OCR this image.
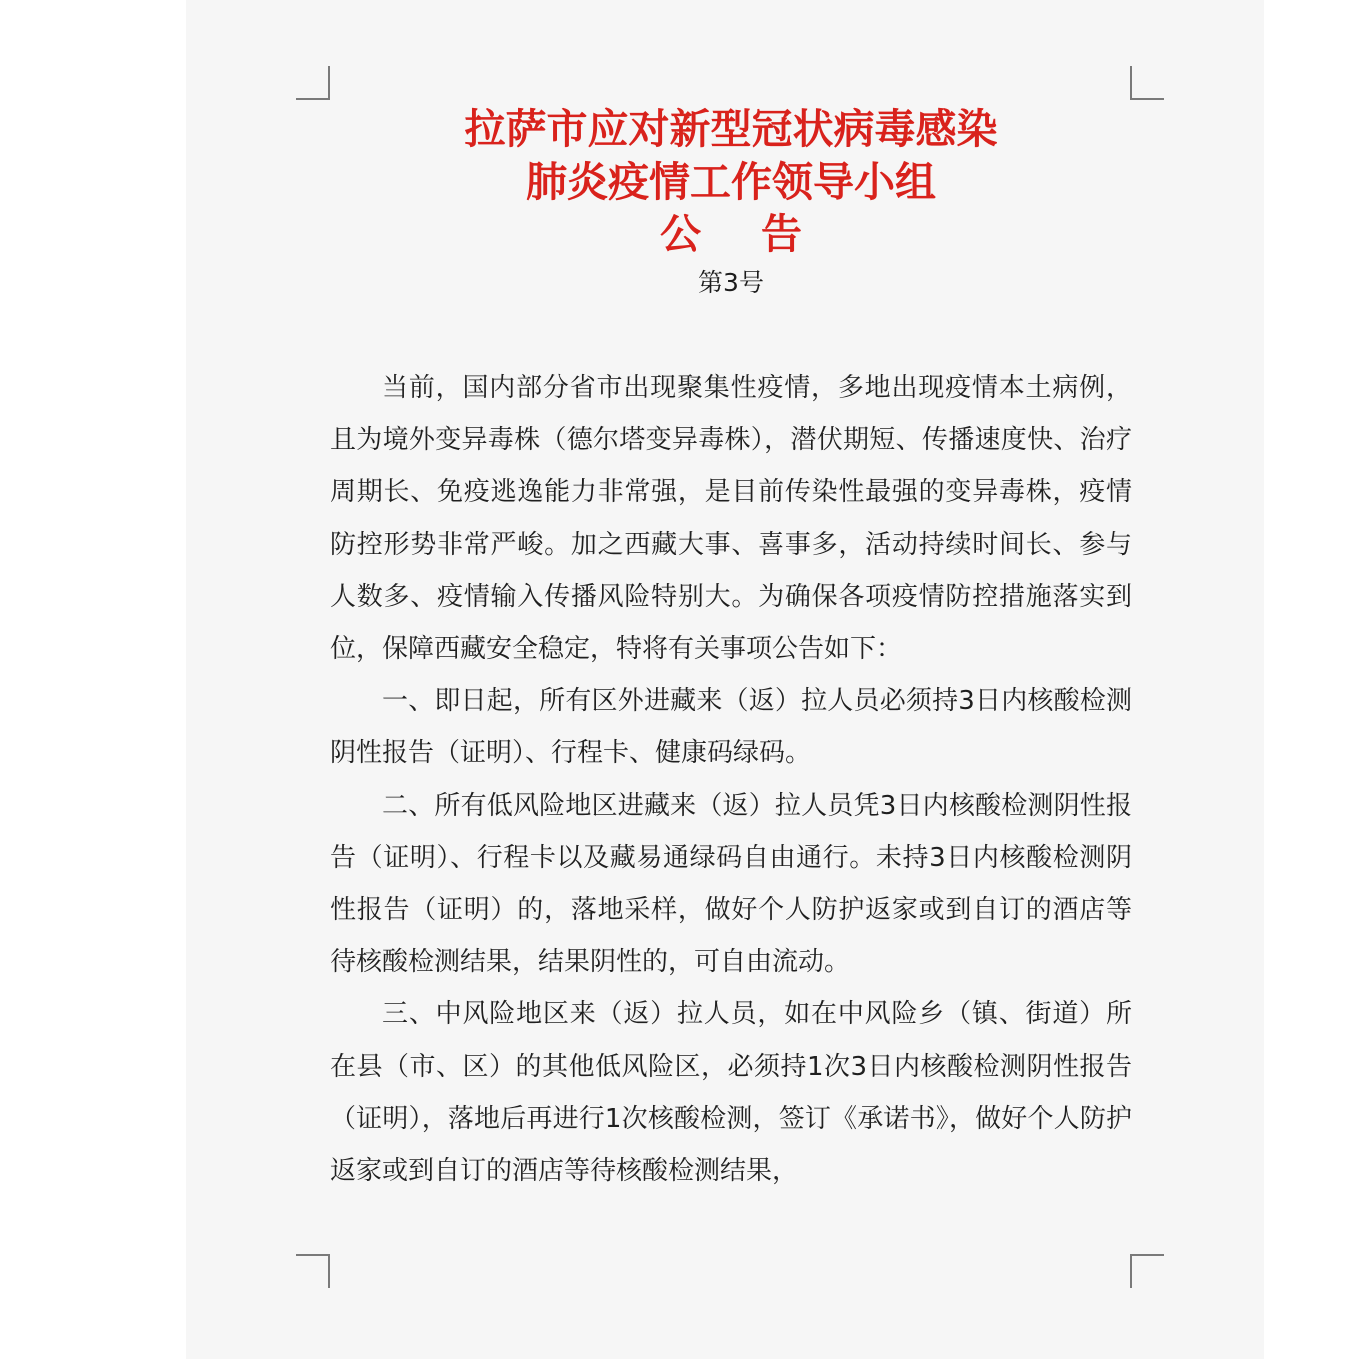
拉萨市应对新型冠状病毒感染
肺炎疫情工作领导小组
公告
第3号

当前，国内部分省市出现聚集性疫情，多地出现疫情本土病例，且为境外变异毒株（德尔塔变异毒株），潜伏期短、传播速度快、治疗周期长、免疫逃逸能力非常强，是目前传染性最强的变异毒株，疫情防控形势非常严峻。加之西藏大事、喜事多，活动持续时间长、参与人数多、疫情输入传播风险特别大。为确保各项疫情防控措施落实到位，保障西藏安全稳定，特将有关事项公告如下：

一、即日起，所有区外进藏来（返）拉人员必须持3日内核酸检测阴性报告（证明）、行程卡、健康码绿码。

二、所有低风险地区进藏来（返）拉人员凭3日内核酸检测阴性报告（证明）、行程卡以及藏易通绿码自由通行。未持3日内核酸检测阴性报告（证明）的，落地采样，做好个人防护返家或到自订的酒店等待核酸检测结果，结果阴性的，可自由流动。

三、中风险地区来（返）拉人员，如在中风险乡（镇、街道）所在县（市、区）的其他低风险区，必须持1次3日内核酸检测阴性报告（证明），落地后再进行1次核酸检测，签订《承诺书》，做好个人防护返家或到自订的酒店等待核酸检测结果，
